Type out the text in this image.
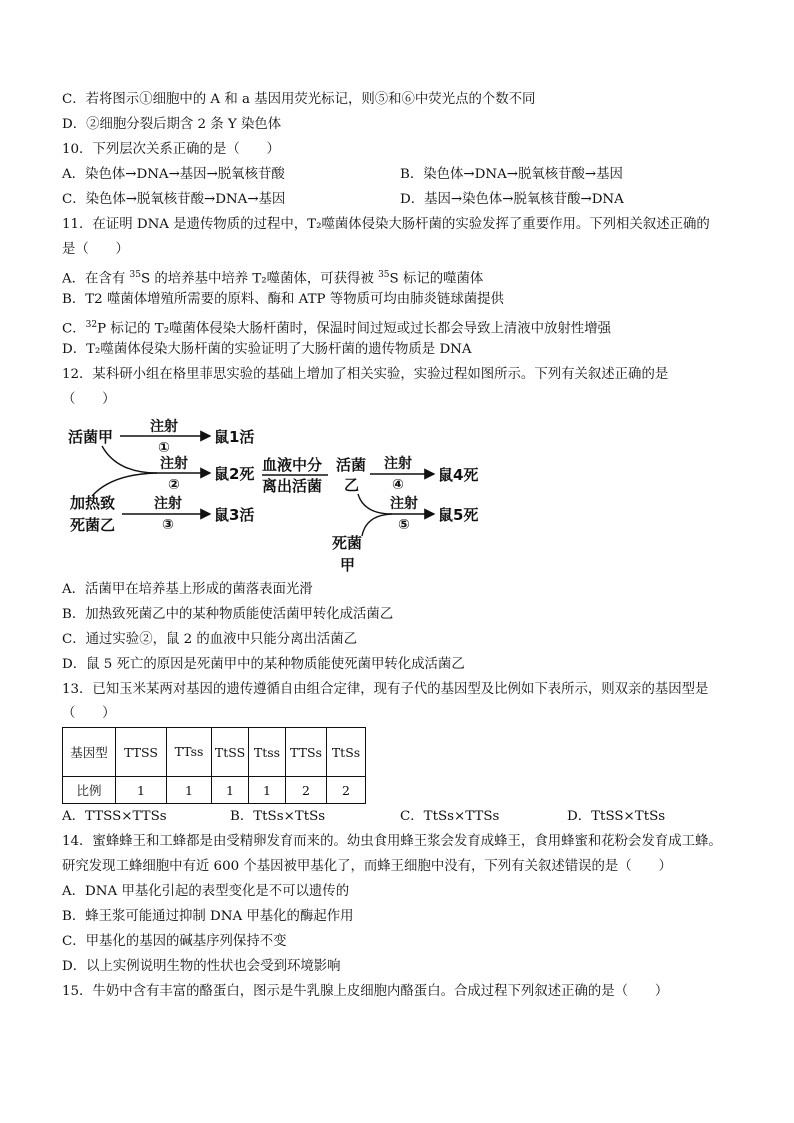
C．若将图示①细胞中的 A 和 a 基因用荧光标记，则⑤和⑥中荧光点的个数不同
D．②细胞分裂后期含 2 条 Y 染色体
10．下列层次关系正确的是（　　）
A．染色体→DNA→基因→脱氧核苷酸	B．染色体→DNA→脱氧核苷酸→基因
C．染色体→脱氧核苷酸→DNA→基因	D．基因→染色体→脱氧核苷酸→DNA
11．在证明 DNA 是遗传物质的过程中，T₂噬菌体侵染大肠杆菌的实验发挥了重要作用。下列相关叙述正确的
是（　　）
A．在含有 $^{35}$S 的培养基中培养 T₂噬菌体，可获得被 $^{35}$S 标记的噬菌体
B．T2 噬菌体增殖所需要的原料、酶和 ATP 等物质可均由肺炎链球菌提供
C．$^{32}$P 标记的 T₂噬菌体侵染大肠杆菌时，保温时间过短或过长都会导致上清液中放射性增强
D．T₂噬菌体侵染大肠杆菌的实验证明了大肠杆菌的遗传物质是 DNA
12．某科研小组在格里菲思实验的基础上增加了相关实验，实验过程如图所示。下列有关叙述正确的是
（　　）
活菌甲
注射
①
鼠1活
注射
②
鼠2死 血液中分
离出活菌
活菌
乙
注射
④
鼠4死
注射
⑤
鼠5死
加热致
死菌乙
注射
③
鼠3活
死菌
甲
A．活菌甲在培养基上形成的菌落表面光滑
B．加热致死菌乙中的某种物质能使活菌甲转化成活菌乙
C．通过实验②，鼠 2 的血液中只能分离出活菌乙
D．鼠 5 死亡的原因是死菌甲中的某种物质能使死菌甲转化成活菌乙
13．已知玉米某两对基因的遗传遵循自由组合定律，现有子代的基因型及比例如下表所示，则双亲的基因型是
（　　）
基因型	TTSS	TTss	TtSS	Ttss	TTSs	TtSs
比例	1	1	1	1	2	2
A．TTSS×TTSs	B．TtSs×TtSs	C．TtSs×TTSs	D．TtSS×TtSs
14．蜜蜂蜂王和工蜂都是由受精卵发育而来的。幼虫食用蜂王浆会发育成蜂王，食用蜂蜜和花粉会发育成工蜂。
研究发现工蜂细胞中有近 600 个基因被甲基化了，而蜂王细胞中没有，下列有关叙述错误的是（　　）
A．DNA 甲基化引起的表型变化是不可以遗传的
B．蜂王浆可能通过抑制 DNA 甲基化的酶起作用
C．甲基化的基因的碱基序列保持不变
D．以上实例说明生物的性状也会受到环境影响
15．牛奶中含有丰富的酪蛋白，图示是牛乳腺上皮细胞内酪蛋白。合成过程下列叙述正确的是（　　）
